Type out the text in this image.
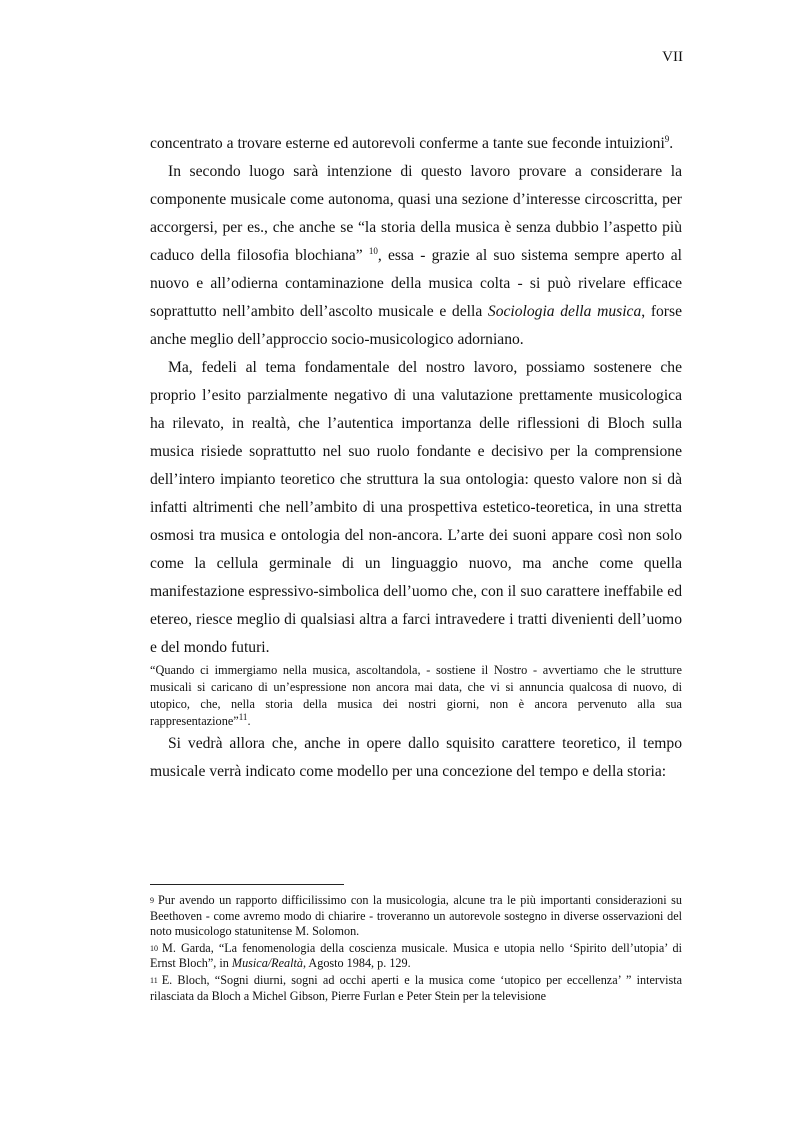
VII

concentrato a trovare esterne ed autorevoli conferme a tante sue feconde intuizioni$^9$.

In secondo luogo sarà intenzione di questo lavoro provare a considerare la componente musicale come autonoma, quasi una sezione d’interesse circoscritta, per accorgersi, per es., che anche se “la storia della musica è senza dubbio l’aspetto più caduco della filosofia blochiana” $^{10}$, essa - grazie al suo sistema sempre aperto al nuovo e all’odierna contaminazione della musica colta - si può rivelare efficace soprattutto nell’ambito dell’ascolto musicale e della Sociologia della musica, forse anche meglio dell’approccio socio-musicologico adorniano.

Ma, fedeli al tema fondamentale del nostro lavoro, possiamo sostenere che proprio l’esito parzialmente negativo di una valutazione prettamente musicologica ha rilevato, in realtà, che l’autentica importanza delle riflessioni di Bloch sulla musica risiede soprattutto nel suo ruolo fondante e decisivo per la comprensione dell’intero impianto teoretico che struttura la sua ontologia: questo valore non si dà infatti altrimenti che nell’ambito di una prospettiva estetico-teoretica, in una stretta osmosi tra musica e ontologia del non-ancora. L’arte dei suoni appare così non solo come la cellula germinale di un linguaggio nuovo, ma anche come quella manifestazione espressivo-simbolica dell’uomo che, con il suo carattere ineffabile ed etereo, riesce meglio di qualsiasi altra a farci intravedere i tratti divenienti dell’uomo e del mondo futuri.

“Quando ci immergiamo nella musica, ascoltandola, - sostiene il Nostro - avvertiamo che le strutture musicali si caricano di un’espressione non ancora mai data, che vi si annuncia qualcosa di nuovo, di utopico, che, nella storia della musica dei nostri giorni, non è ancora pervenuto alla sua rappresentazione”$^{11}$.

Si vedrà allora che, anche in opere dallo squisito carattere teoretico, il tempo musicale verrà indicato come modello per una concezione del tempo e della storia:

$^9$ Pur avendo un rapporto difficilissimo con la musicologia, alcune tra le più importanti considerazioni su Beethoven - come avremo modo di chiarire - troveranno un autorevole sostegno in diverse osservazioni del noto musicologo statunitense M. Solomon.

$^{10}$ M. Garda, “La fenomenologia della coscienza musicale. Musica e utopia nello ‘Spirito dell’utopia’ di Ernst Bloch”, in Musica/Realtà, Agosto 1984, p. 129.

$^{11}$ E. Bloch, “Sogni diurni, sogni ad occhi aperti e la musica come ‘utopico per eccellenza’ ” intervista rilasciata da Bloch a Michel Gibson, Pierre Furlan e Peter Stein per la televisione
